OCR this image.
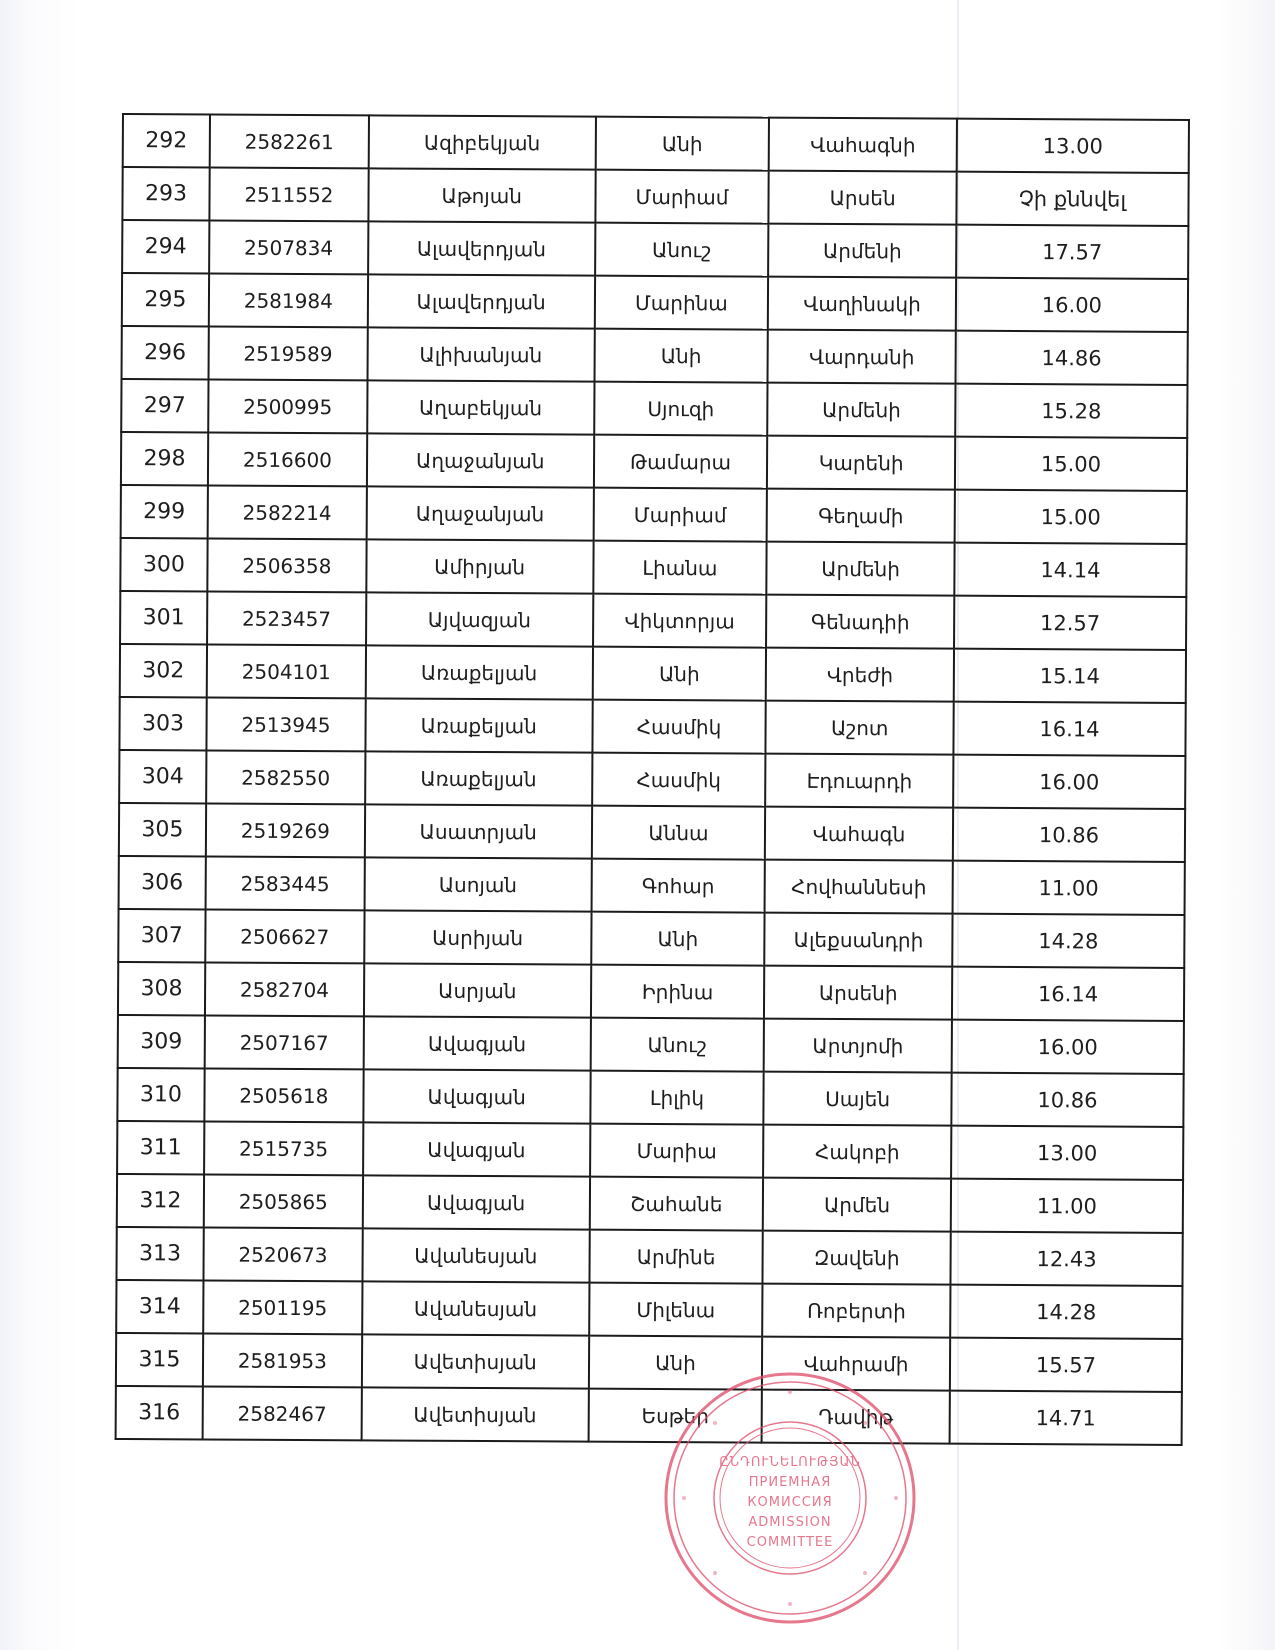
292	2582261	Ազիբեկյան	Անի	Վահագնի	13.00
293	2511552	Աթոյան	Մարիամ	Արսեն	Չի քննվել
294	2507834	Ալավերդյան	Անուշ	Արմենի	17.57
295	2581984	Ալավերդյան	Մարինա	Վաղինակի	16.00
296	2519589	Ալիխանյան	Անի	Վարդանի	14.86
297	2500995	Աղաբեկյան	Սյուզի	Արմենի	15.28
298	2516600	Աղաջանյան	Թամարա	Կարենի	15.00
299	2582214	Աղաջանյան	Մարիամ	Գեղամի	15.00
300	2506358	Ամիրյան	Լիանա	Արմենի	14.14
301	2523457	Այվազյան	Վիկտորյա	Գենադիի	12.57
302	2504101	Առաքելյան	Անի	Վրեժի	15.14
303	2513945	Առաքելյան	Հասմիկ	Աշոտ	16.14
304	2582550	Առաքելյան	Հասմիկ	Էդուարդի	16.00
305	2519269	Ասատրյան	Աննա	Վահագն	10.86
306	2583445	Ասոյան	Գոհար	Հովհաննեսի	11.00
307	2506627	Ասրիյան	Անի	Ալեքսանդրի	14.28
308	2582704	Ասրյան	Իրինա	Արսենի	16.14
309	2507167	Ավագյան	Անուշ	Արտյոմի	16.00
310	2505618	Ավագյան	Լիլիկ	Սայեն	10.86
311	2515735	Ավագյան	Մարիա	Հակոբի	13.00
312	2505865	Ավագյան	Շահանե	Արմեն	11.00
313	2520673	Ավանեսյան	Արմինե	Զավենի	12.43
314	2501195	Ավանեսյան	Միլենա	Ռոբերտի	14.28
315	2581953	Ավետիսյան	Անի	Վահրամի	15.57
316	2582467	Ավետիսյան	Եսթեր	Դավիթ	14.71
ԸՆԴՈՒՆԵԼՈՒԹՅԱՆ
ПРИЕМНАЯ
КОМИССИЯ
ADMISSION
COMMITTEE
